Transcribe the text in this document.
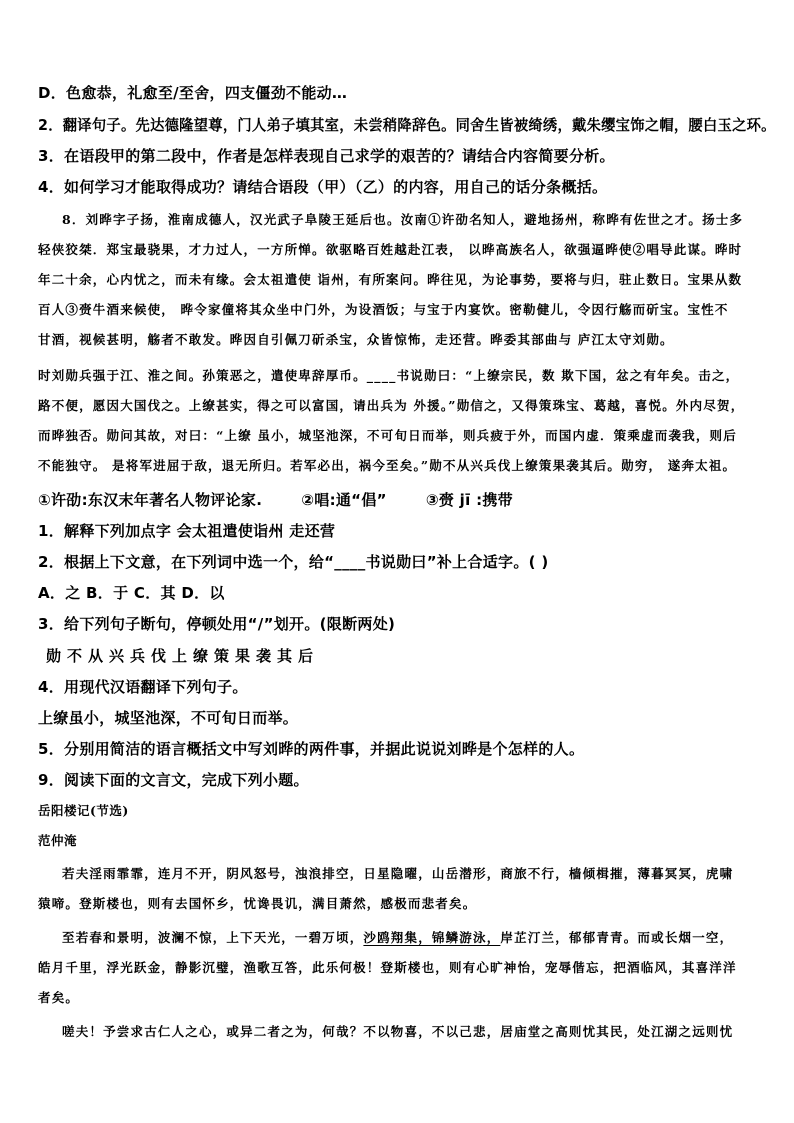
D．色愈恭，礼愈至/至舍，四支僵劲不能动…
2．翻译句子。先达德隆望尊，门人弟子填其室，未尝稍降辞色。同舍生皆被绮绣，戴朱缨宝饰之帽，腰白玉之环。
3．在语段甲的第二段中，作者是怎样表现自己求学的艰苦的？请结合内容简要分析。
4．如何学习才能取得成功？请结合语段（甲）（乙）的内容，用自己的话分条概括。
8．刘晔字子扬，淮南成德人，汉光武子阜陵王延后也。汝南①许劭名知人，避地扬州，称晔有佐世之才。扬士多
轻侠狡桀．郑宝最骁果，才力过人，一方所惮。欲驱略百姓越赴江表， 以晔高族名人，欲强逼晔使②唱导此谋。晔时
年二十余，心内忧之，而未有缘。会太祖遣使 诣州，有所案问。晔往见，为论事势，要将与归，驻止数日。宝果从数
百人③赍牛酒来候使， 晔令家僮将其众坐中门外，为设酒饭；与宝于内宴饮。密勒健儿，令因行觞而斫宝。宝性不
甘酒，视候甚明，觞者不敢发。晔因自引佩刀斫杀宝，众皆惊怖，走还营。晔委其部曲与 庐江太守刘勋。
时刘勋兵强于江、淮之间。孙策恶之，遣使卑辞厚币。____书说勋曰：“上缭宗民，数 欺下国，忿之有年矣。击之，
路不便，愿因大国伐之。上缭甚实，得之可以富国，请出兵为 外援。”勋信之，又得策珠宝、葛越，喜悦。外内尽贺，
而晔独否。勋问其故，对曰：“上缭 虽小，城坚池深，不可旬日而举，则兵疲于外，而国内虚．策乘虚而袭我，则后
不能独守。 是将军进屈于敌，退无所归。若军必出，祸今至矣。”勋不从兴兵伐上缭策果袭其后。勋穷， 遂奔太祖。
①许劭:东汉末年著名人物评论家.	②唱:通“倡”	③赍 jī :携带
1．解释下列加点字 会太祖遣使诣州 走还营
2．根据上下文意，在下列词中选一个，给“____书说勋曰”补上合适字。( )
A．之 B．于 C．其 D．以
3．给下列句子断句，停顿处用“/”划开。(限断两处)
勋不从兴兵伐上缭策果袭其后
4．用现代汉语翻译下列句子。
上缭虽小，城坚池深，不可旬日而举。
5．分别用简洁的语言概括文中写刘晔的两件事，并据此说说刘晔是个怎样的人。
9．阅读下面的文言文，完成下列小题。
岳阳楼记(节选)
范仲淹
若夫淫雨霏霏，连月不开，阴风怒号，浊浪排空，日星隐曜，山岳潜形，商旅不行，樯倾楫摧，薄暮冥冥，虎啸
猿啼。登斯楼也，则有去国怀乡，忧谗畏讥，满目萧然，感极而悲者矣。
至若春和景明，波澜不惊，上下天光，一碧万顷，沙鸥翔集，锦鳞游泳，岸芷汀兰，郁郁青青。而或长烟一空，
皓月千里，浮光跃金，静影沉璧，渔歌互答，此乐何极！登斯楼也，则有心旷神怡，宠辱偕忘，把酒临风，其喜洋洋
者矣。
嗟夫！予尝求古仁人之心，或异二者之为，何哉？不以物喜，不以己悲，居庙堂之高则忧其民，处江湖之远则忧
